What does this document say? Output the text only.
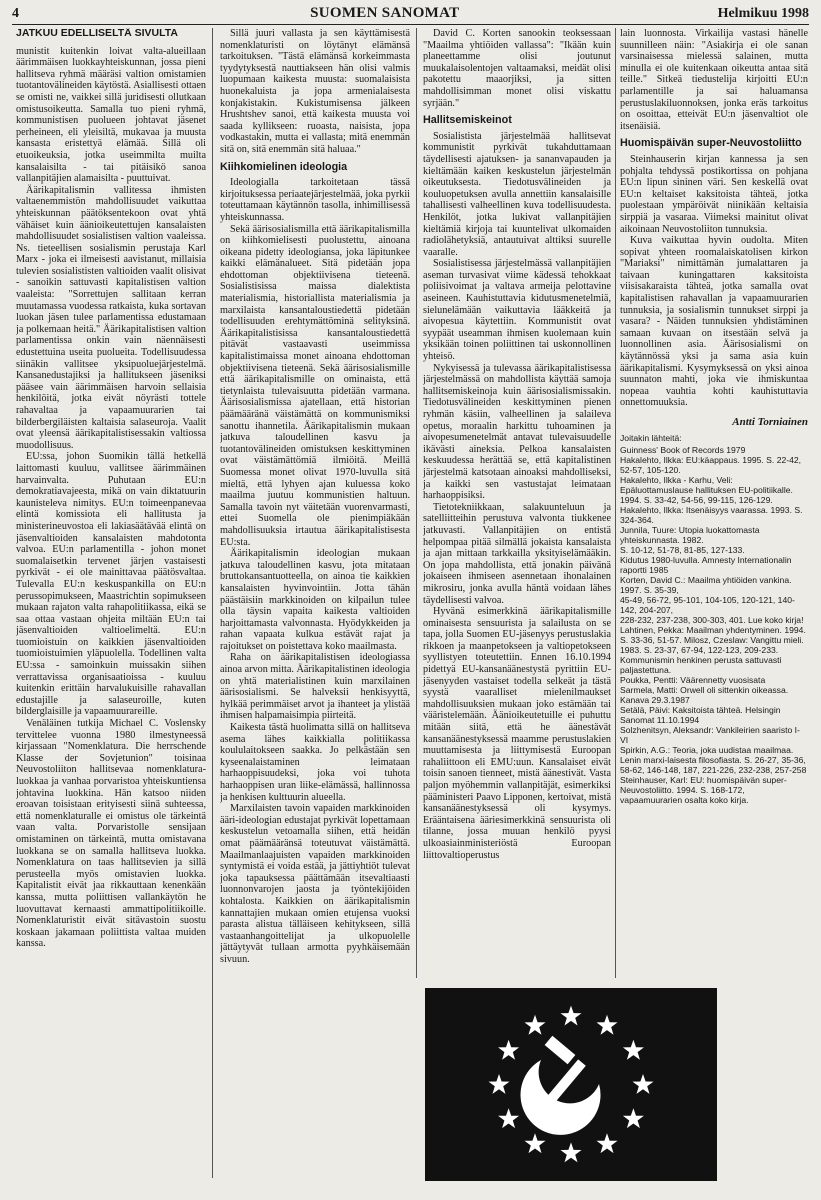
4	SUOMEN SANOMAT	Helmikuu 1998
JATKUU EDELLISELTÄ SIVULTA

munistit kuitenkin loivat valta-alueillaan äärimmäisen luokkayhteiskunnan, jossa pieni hallitseva ryhmä määräsi valtion omistamien tuotantovälineiden käytöstä. Asiallisesti ottaen se omisti ne, vaikkei sillä juridisesti ollutkaan omistusoikeutta. Samalla tuo pieni ryhmä, kommunistisen puolueen johtavat jäsenet perheineen, eli yleisiltä, mukavaa ja muusta kansasta eristettyä elämää. Sillä oli etuoikeuksia, jotka useimmilta muilta kansalaisilta - tai pitäisikö sanoa vallanpitäjien alamaisilta - puuttuivat.

Äärikapitalismin vallitessa ihmisten valtaenemmistön mahdollisuudet vaikuttaa yhteiskunnan päätöksentekoon ovat yhtä vähäiset kuin äänioikeutettujen kansalaisten mahdollisuudet sosialistisen valtion vaaleissa. Ns. tieteellisen sosialismin perustaja Karl Marx - joka ei ilmeisesti aavistanut, millaisia tulevien sosialististen valtioiden vaalit olisivat - sanoikin sattuvasti kapitalistisen valtion vaaleista: "Sorrettujen sallitaan kerran muutamassa vuodessa ratkaista, kuka sortavan luokan jäsen tulee parlamentissa edustamaan ja polkemaan heitä." Äärikapitalistisen valtion parlamentissa onkin vain näennäisesti edustettuina useita puolueita. Todellisuudessa siinäkin vallitsee yksipuoluejärjestelmä. Kansanedustajiksi ja hallitukseen jäseniksi pääsee vain äärimmäisen harvoin sellaisia henkilöitä, jotka eivät nöyrästi tottele rahavaltaa ja vapaamuurarien tai bilderbergiläisten kaltaisia salaseuroja. Vaalit ovat yleensä äärikapitalistisessakin valtiossa muodollisuus.

EU:ssa, johon Suomikin tällä hetkellä laittomasti kuuluu, vallitsee äärimmäinen harvainvalta. Puhutaan EU:n demokratiavajeesta, mikä on vain diktatuurin kaunisteleva nimitys. EU:n toimeenpanevaa elintä komissiota eli hallitusta ja ministerineuvostoa eli lakiasäätävää elintä on jäsenvaltioiden kansalaisten mahdotonta valvoa. EU:n parlamentilla - johon monet suomalaisetkin tervenet järjen vastaisesti pyrkivät - ei ole mainittavaa päätösvaltaa. Tulevalla EU:n keskuspankilla on EU:n perussopimukseen, Maastrichtin sopimukseen mukaan rajaton valta rahapolitiikassa, eikä se saa ottaa vastaan ohjeita miltään EU:n tai jäsenvaltioiden valtioelimeltä. EU:n tuomioistuin on kaikkien jäsenvaltioiden tuomioistuimien yläpuolella. Todellinen valta EU:ssa - samoinkuin muissakin siihen verrattavissa organisaatioissa - kuuluu kuitenkin erittäin harvalukuisille rahavallan edustajille ja salaseuroille, kuten bilderglaisille ja vapaamuurareille.

Venäläinen tutkija Michael C. Voslensky tervittelee vuonna 1980 ilmestyneessä kirjassaan "Nomenklatura. Die herrschende Klasse der Sovjetunion" toisinaa Neuvostoliiton hallitsevaa nomenklatura-luokkaa ja vanhaa porvaristoa yhteiskuntiensa johtavina luokkina. Hän katsoo niiden eroavan toisistaan erityisesti siinä suhteessa, että nomenklaturalle ei omistus ole tärkeintä vaan valta. Porvaristolle sensijaan omistaminen on tärkeintä, mutta omistavana luokkana se on samalla hallitseva luokka. Nomenklatura on taas hallitsevien ja sillä perusteella myös omistavien luokka. Kapitalistit eivät jaa rikkauttaan kenenkään kanssa, mutta poliittisen vallankäytön he luovuttavat kernaasti ammattipolitiikoille. Nomenklaturistit eivät sitävastoin suostu koskaan jakamaan poliittista valtaa muiden kanssa.

Sillä juuri vallasta ja sen käyttämisestä nomenklaturisti on löytänyt elämänsä tarkoituksen. "Tästä elämänsä korkeimmasta tyydytyksestä nauttiakseen hän olisi valmis luopumaan kaikesta muusta: suomalaisista huonekaluista ja jopa armenialaisesta konjakistakin. Kukistumisensa jälkeen Hrushtshev sanoi, että kaikesta muusta voi saada kyllikseen: ruoasta, naisista, jopa vodkastakin, mutta ei vallasta; mitä enemmän sitä on, sitä enemmän sitä haluaa."

Kiihkomielinen ideologia

Ideologialla tarkoitetaan tässä kirjoituksessa periaatejärjestelmää, joka pyrkii toteuttamaan käytännön tasolla, inhimillisessä yhteiskunnassa.

Sekä äärisosialismilla että äärikapitalismilla on kiihkomielisesti puolustettu, ainoana oikeana pidetty ideologiansa, joka läpitunkee kaikki elämänalueet. Sitä pidetään jopa ehdottoman objektiivisena tieteenä. Sosialistisissa maissa dialektista materialismia, historiallista materialismia ja marxilaista kansantaloustiedettä pidetään todellisuuden erehtymättöminä selityksinä. Äärikapitalistisissa kansantaloustiedettä pitävät vastaavasti useimmissa kapitalistimaissa monet ainoana ehdottoman objektiivisena tieteenä. Sekä äärisosialismille että äärikapitalismille on ominaista, että tietynlaista tulevaisuutta pidetään varmana. Äärisosialismissa ajatellaan, että historian päämääränä väistämättä on kommunismiksi sanottu ihannetila. Äärikapitalismin mukaan jatkuva taloudellinen kasvu ja tuotantovälineiden omistuksen keskittyminen ovat väistämättömiä ilmiöitä. Meillä Suomessa monet olivat 1970-luvulla sitä mieltä, että lyhyen ajan kuluessa koko maailma juutuu kommunistien haltuun. Samalla tavoin nyt väitetään vuorenvarmasti, ettei Suomella ole pienimpiäkään mahdollisuuksia irtautua äärikapitalistisesta EU:sta.

Äärikapitalismin ideologian mukaan jatkuva taloudellinen kasvu, jota mitataan bruttokansantuotteella, on ainoa tie kaikkien kansalaisten hyvinvointiin. Jotta tähän päästäisiin markkinoiden on kilpailun tulee olla täysin vapaita kaikesta valtioiden harjoittamasta valvonnasta. Hyödykkeiden ja rahan vapaata kulkua estävät rajat ja rajoitukset on poistettava koko maailmasta.

Raha on äärikapitalistisen ideologiassa ainoa arvon mitta. Äärikapitalistinen ideologia on yhtä materialistinen kuin marxilainen äärisosialismi. Se halveksii henkisyyttä, hylkää perimmäiset arvot ja ihanteet ja ylistää ihmisen halpamaisimpia piirteitä.

Kaikesta tästä huolimatta sillä on hallitseva asema lähes kaikkialla politiikassa koululaitokseen saakka. Jo pelkästään sen kyseenalaistaminen leimataan harhaoppisuudeksi, joka voi tuhota harhaoppisen uran liike-elämässä, hallinnossa ja henkisen kulttuurin alueella.

Marxilaisten tavoin vapaiden markkinoiden ääri-ideologian edustajat pyrkivät lopettamaan keskustelun vetoamalla siihen, että heidän omat päämääränsä toteutuvat väistämättä. Maailmanlaajuisten vapaiden markkinoiden syntymistä ei voida estää, ja jättiyhtiöt tulevat joka tapauksessa päättämään itsevaltiaasti luonnonvarojen jaosta ja työntekijöiden kohtalosta. Kaikkien on äärikapitalismin kannattajien mukaan omien etujensa vuoksi parasta alistua tälläiseen kehitykseen, sillä vastaanhangoittelijat ja ulkopuolelle jättäytyvät tullaan armotta pyyhkäisemään sivuun.

David C. Korten sanookin teoksessaan "Maailma yhtiöiden vallassa": "Ikään kuin planeettamme olisi joutunut muukalaisolentojen valtaamaksi, meidät olisi pakotettu maaorjiksi, ja sitten mahdollisimman monet olisi viskattu syrjään."

Hallitsemiskeinot

Sosialistista järjestelmää hallitsevat kommunistit pyrkivät tukahduttamaan täydellisesti ajatuksen- ja sananvapauden ja kieltämään kaiken keskustelun järjestelmän oikeutuksesta. Tiedotusvälineiden ja kouluopetuksen avulla annettiin kansalaisille tahallisesti valheellinen kuva todellisuudesta. Henkilöt, jotka lukivat vallanpitäjien kieltämiä kirjoja tai kuuntelivat ulkomaiden radiolähetyksiä, antautuivat alttiksi suurelle vaaralle.

Sosialistisessa järjestelmässä vallanpitäjien aseman turvasivat viime kädessä tehokkaat poliisivoimat ja valtava armeija pelottavine aseineen. Kauhistuttavia kidutusmenetelmiä, sielunelämään vaikuttavia lääkkeitä ja aivopesua käytettiin. Kommunistit ovat syypäät useamman ihmisen kuolemaan kuin yksikään toinen poliittinen tai uskonnollinen yhteisö.

Nykyisessä ja tulevassa äärikapitalistisessa järjestelmässä on mahdollista käyttää samoja hallitsemiskeinoja kuin äärisosialismissakin. Tiedotusvälineiden keskittyminen pienen ryhmän käsiin, valheellinen ja salaileva opetus, moraalin harkittu tuhoaminen ja aivopesumenetelmät antavat tulevaisuudelle ikävästi aineksia. Pelkoa kansalaisten keskuudessa herättää se, että kapitalistinen järjestelmä katsotaan ainoaksi mahdolliseksi, ja kaikki sen vastustajat leimataan harhaoppisiksi.

Tietotekniikkaan, salakuunteluun ja satelliitteihin perustuva valvonta tiukkenee jatkuvasti. Vallanpitäjien on entistä helpompaa pitää silmällä jokaista kansalaista ja ajan mittaan tarkkailla yksityiselämääkin. On jopa mahdollista, että jonakin päivänä jokaiseen ihmiseen asennetaan ihonalainen mikrosiru, jonka avulla häntä voidaan lähes täydellisesti valvoa.

Hyvänä esimerkkinä äärikapitalismille ominaisesta sensuurista ja salailusta on se tapa, jolla Suomen EU-jäsenyys perustuslakia rikkoen ja maanpetokseen ja valtiopetokseen syyllistyen toteutettiin. Ennen 16.10.1994 pidettyä EU-kansanäänestystä pyrittiin EU-jäsenyyden vastaiset todella selkeät ja tästä syystä vaaralliset mielenilmaukset mahdollisuuksien mukaan joko estämään tai vääristelemään. Äänioikeutetuille ei puhuttu mitään siitä, että he äänestävät kansanäänestyksessä maamme perustuslakien muuttamisesta ja liittymisestä Euroopan rahaliittoon eli EMU:uun. Kansalaiset eivät toisin sanoen tienneet, mistä äänestivät. Vasta paljon myöhemmin vallanpitäjät, esimerkiksi pääministeri Paavo Lipponen, kertoivat, mistä kansanäänestyksessä oli kysymys. Erääntaisena ääriesimerkkinä sensuurista oli tilanne, jossa muuan henkilö pyysi ulkoasiainministeriöstä Euroopan liittovaltioperustus

lain luonnosta. Virkailija vastasi hänelle suunnilleen näin: "Asiakirja ei ole sanan varsinaisessa mielessä salainen, mutta minulla ei ole kuitenkaan oikeutta antaa sitä teille." Sitkeä tiedustelija kirjoitti EU:n parlamentille ja sai haluamansa perustuslakiluonnoksen, jonka eräs tarkoitus on osoittaa, etteivät EU:n jäsenvaltiot ole itsenäisiä.

Huomispäivän super-Neuvostoliitto

Steinhauserin kirjan kannessa ja sen pohjalta tehdyssä postikortissa on pohjana EU:n lipun sininen väri. Sen keskellä ovat EU:n keltaiset kaksitoista tähteä, jotka puolestaan ympäröivät niinikään keltaisia sirppiä ja vasaraa. Viimeksi mainitut olivat aikoinaan Neuvostoliiton tunnuksia.

Kuva vaikuttaa hyvin oudolta. Miten sopivat yhteen roomalaiskatolisen kirkon "Mariaksi" nimittämän jumalattaren ja taivaan kuningattaren kaksitoista viisisakaraista tähteä, jotka samalla ovat kapitalistisen rahavallan ja vapaamuurarien tunnuksia, ja sosialismin tunnukset sirppi ja vasara? - Näiden tunnuksien yhdistäminen samaan kuvaan on itsestään selvä ja luonnollinen asia. Äärisosialismi on käytännössä yksi ja sama asia kuin äärikapitalismi. Kysymyksessä on yksi ainoa suunnaton mahti, joka vie ihmiskuntaa nopeaa vauhtia kohti kauhistuttavia onnettomuuksia.

Antti Torniainen

Joitakin lähteitä:

Guinness' Book of Records 1979

Hakalehto, Ilkka: EU:käappaus. 1995. S. 22-42, 52-57, 105-120.

Hakalehto, Ilkka - Karhu, Veli: Epäluottamuslause hallituksen EU-politiikalle. 1994. S. 33-42, 54-56, 99-115, 126-129.

Hakalehto, Ilkka: Itsenäisyys vaarassa. 1993. S. 324-364.

Junnila, Tuure: Utopia luokattomasta yhteiskunnasta. 1982.

S. 10-12, 51-78, 81-85, 127-133.

Kidutus 1980-luvulla. Amnesty Internationalin raportti 1985

Korten, David C.: Maailma yhtiöiden vankina. 1997. S. 35-39,

45-49, 56-72, 95-101, 104-105, 120-121, 140-142, 204-207,

228-232, 237-238, 300-303, 401. Lue koko kirja!

Lahtinen, Pekka: Maailman yhdentyminen. 1994. S. 33-36, 51-57. Milosz, Czeslaw: Vangittu mieli. 1983. S. 23-37, 67-94, 122-123, 209-233. Kommunismin henkinen perusta sattuvasti paljastettuna.

Poukka, Pentti: Väärennetty vuosisata

Sarmela, Matti: Orwell oli sittenkin oikeassa. Kanava 29.3.1987

Setälä, Päivi: Kaksitoista tähteä. Helsingin Sanomat 11.10.1994

Solzhenitsyn, Aleksandr: Vankileirien saaristo I-VI

Spirkin, A.G.: Teoria, joka uudistaa maailmaa. Lenin marxi-laisesta filosofiasta. S. 26-27, 35-36, 58-62, 146-148, 187, 221-226, 232-238, 257-258

Steinhauser, Karl: EU: huomispäivän super-Neuvostoliitto. 1994. S. 168-172, vapaamuurarien osalta koko kirja.
